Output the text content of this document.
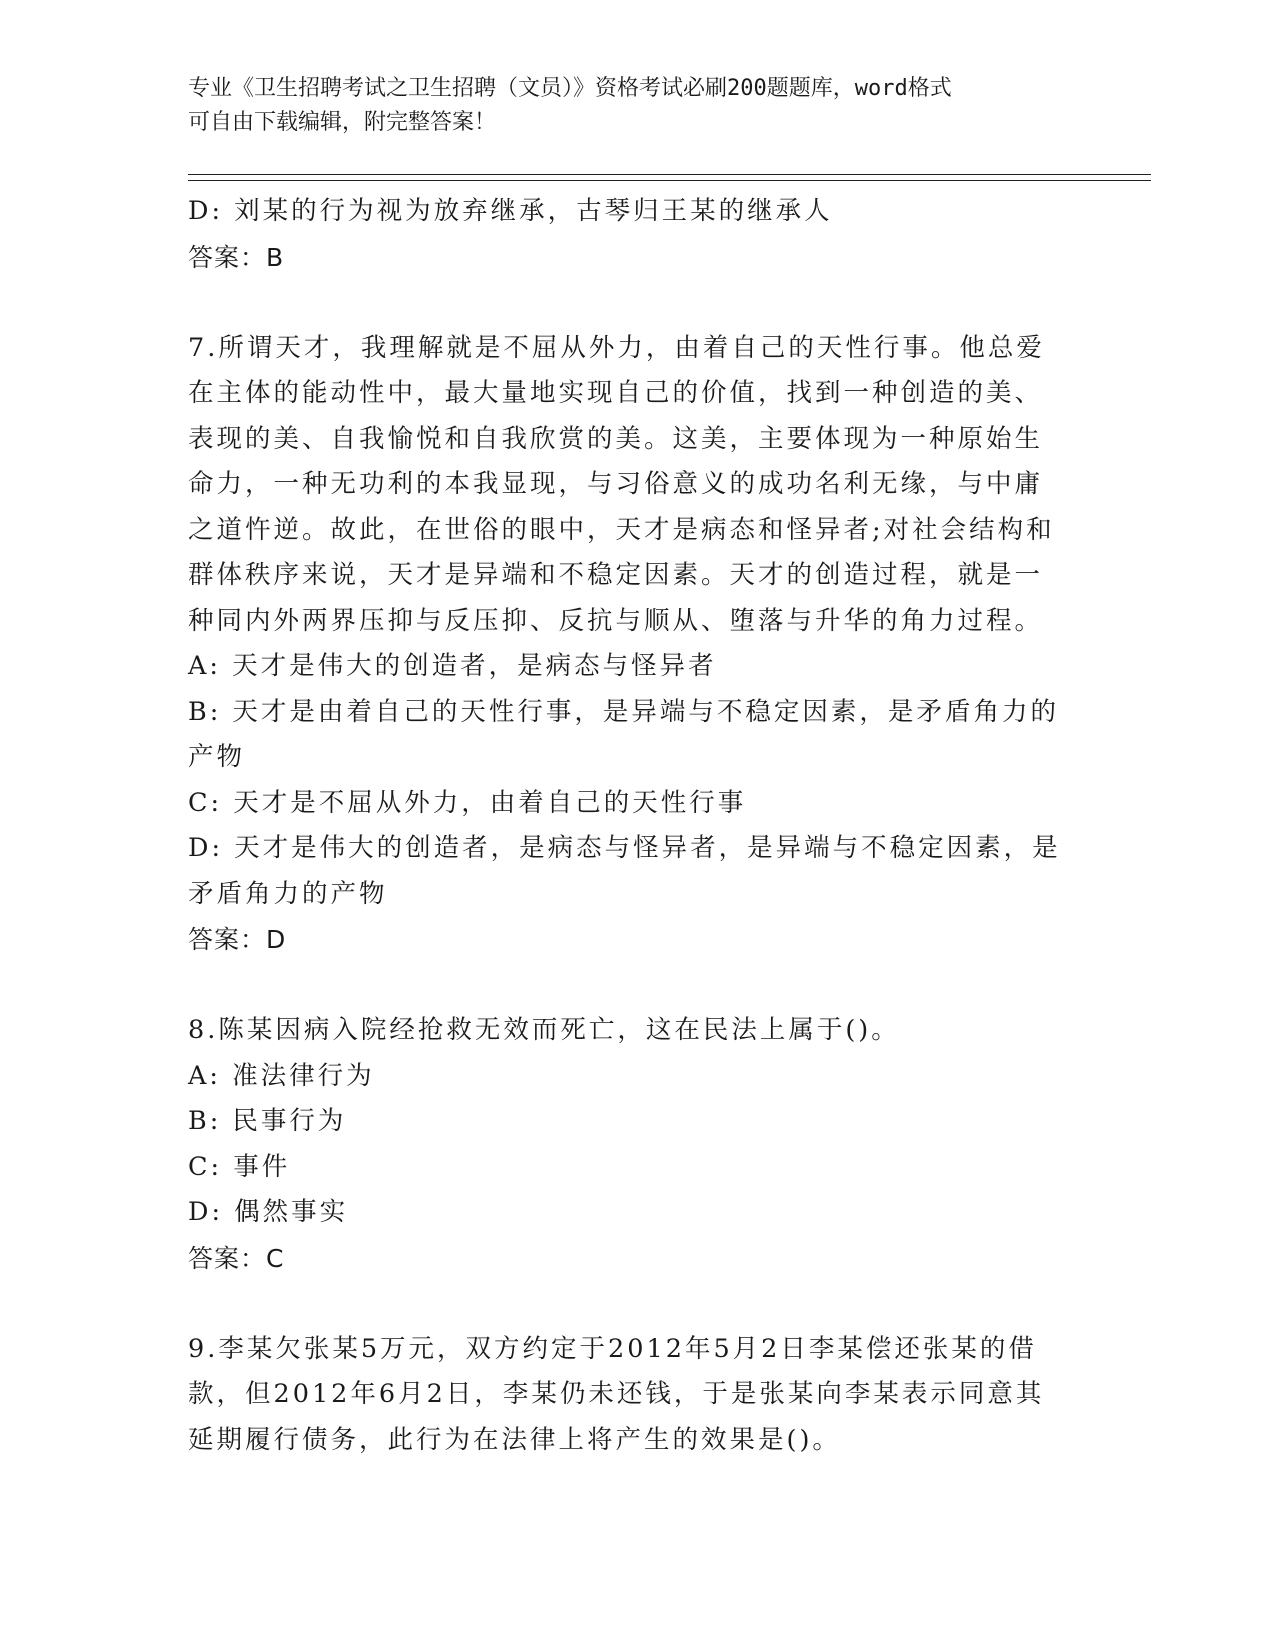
专业《卫生招聘考试之卫生招聘（文员）》资格考试必刷200题题库，word格式
可自由下载编辑，附完整答案！
D: 刘某的行为视为放弃继承，古琴归王某的继承人
答案：B
7.所谓天才，我理解就是不屈从外力，由着自己的天性行事。他总爱
在主体的能动性中，最大量地实现自己的价值，找到一种创造的美、
表现的美、自我愉悦和自我欣赏的美。这美，主要体现为一种原始生
命力，一种无功利的本我显现，与习俗意义的成功名利无缘，与中庸
之道忤逆。故此，在世俗的眼中，天才是病态和怪异者;对社会结构和
群体秩序来说，天才是异端和不稳定因素。天才的创造过程，就是一
种同内外两界压抑与反压抑、反抗与顺从、堕落与升华的角力过程。
A: 天才是伟大的创造者，是病态与怪异者
B: 天才是由着自己的天性行事，是异端与不稳定因素，是矛盾角力的
产物
C: 天才是不屈从外力，由着自己的天性行事
D: 天才是伟大的创造者，是病态与怪异者，是异端与不稳定因素，是
矛盾角力的产物
答案：D
8.陈某因病入院经抢救无效而死亡，这在民法上属于()。
A: 准法律行为
B: 民事行为
C: 事件
D: 偶然事实
答案：C
9.李某欠张某5万元，双方约定于2012年5月2日李某偿还张某的借
款，但2012年6月2日，李某仍未还钱，于是张某向李某表示同意其
延期履行债务，此行为在法律上将产生的效果是()。
